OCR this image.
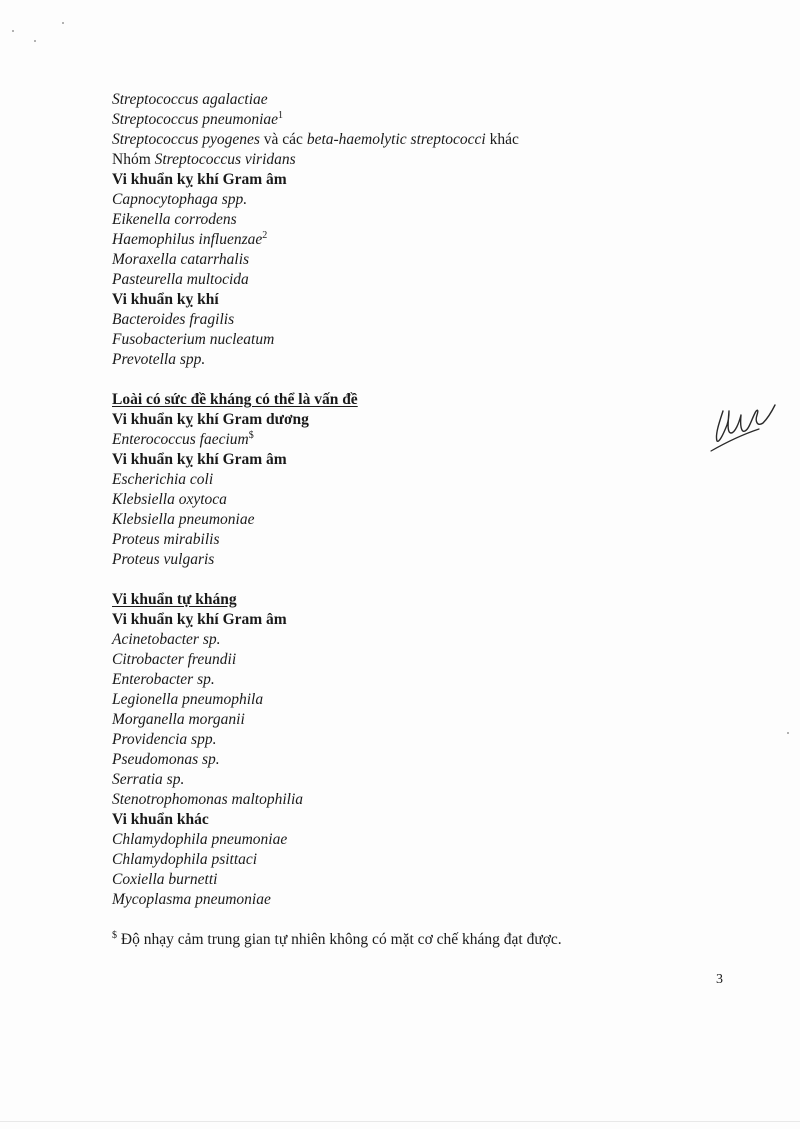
Streptococcus agalactiae
Streptococcus pneumoniae$^1$
Streptococcus pyogenes và các beta-haemolytic streptococci khác
Nhóm Streptococcus viridans
Vi khuẩn kỵ khí Gram âm
Capnocytophaga spp.
Eikenella corrodens
Haemophilus influenzae$^2$
Moraxella catarrhalis
Pasteurella multocida
Vi khuẩn kỵ khí
Bacteroides fragilis
Fusobacterium nucleatum
Prevotella spp.
Loài có sức đề kháng có thể là vấn đề
Vi khuẩn kỵ khí Gram dương
Enterococcus faecium$
Vi khuẩn kỵ khí Gram âm
Escherichia coli
Klebsiella oxytoca
Klebsiella pneumoniae
Proteus mirabilis
Proteus vulgaris
Vi khuẩn tự kháng
Vi khuẩn kỵ khí Gram âm
Acinetobacter sp.
Citrobacter freundii
Enterobacter sp.
Legionella pneumophila
Morganella morganii
Providencia spp.
Pseudomonas sp.
Serratia sp.
Stenotrophomonas maltophilia
Vi khuẩn khác
Chlamydophila pneumoniae
Chlamydophila psittaci
Coxiella burnetti
Mycoplasma pneumoniae
$ Độ nhạy cảm trung gian tự nhiên không có mặt cơ chế kháng đạt được.
3
